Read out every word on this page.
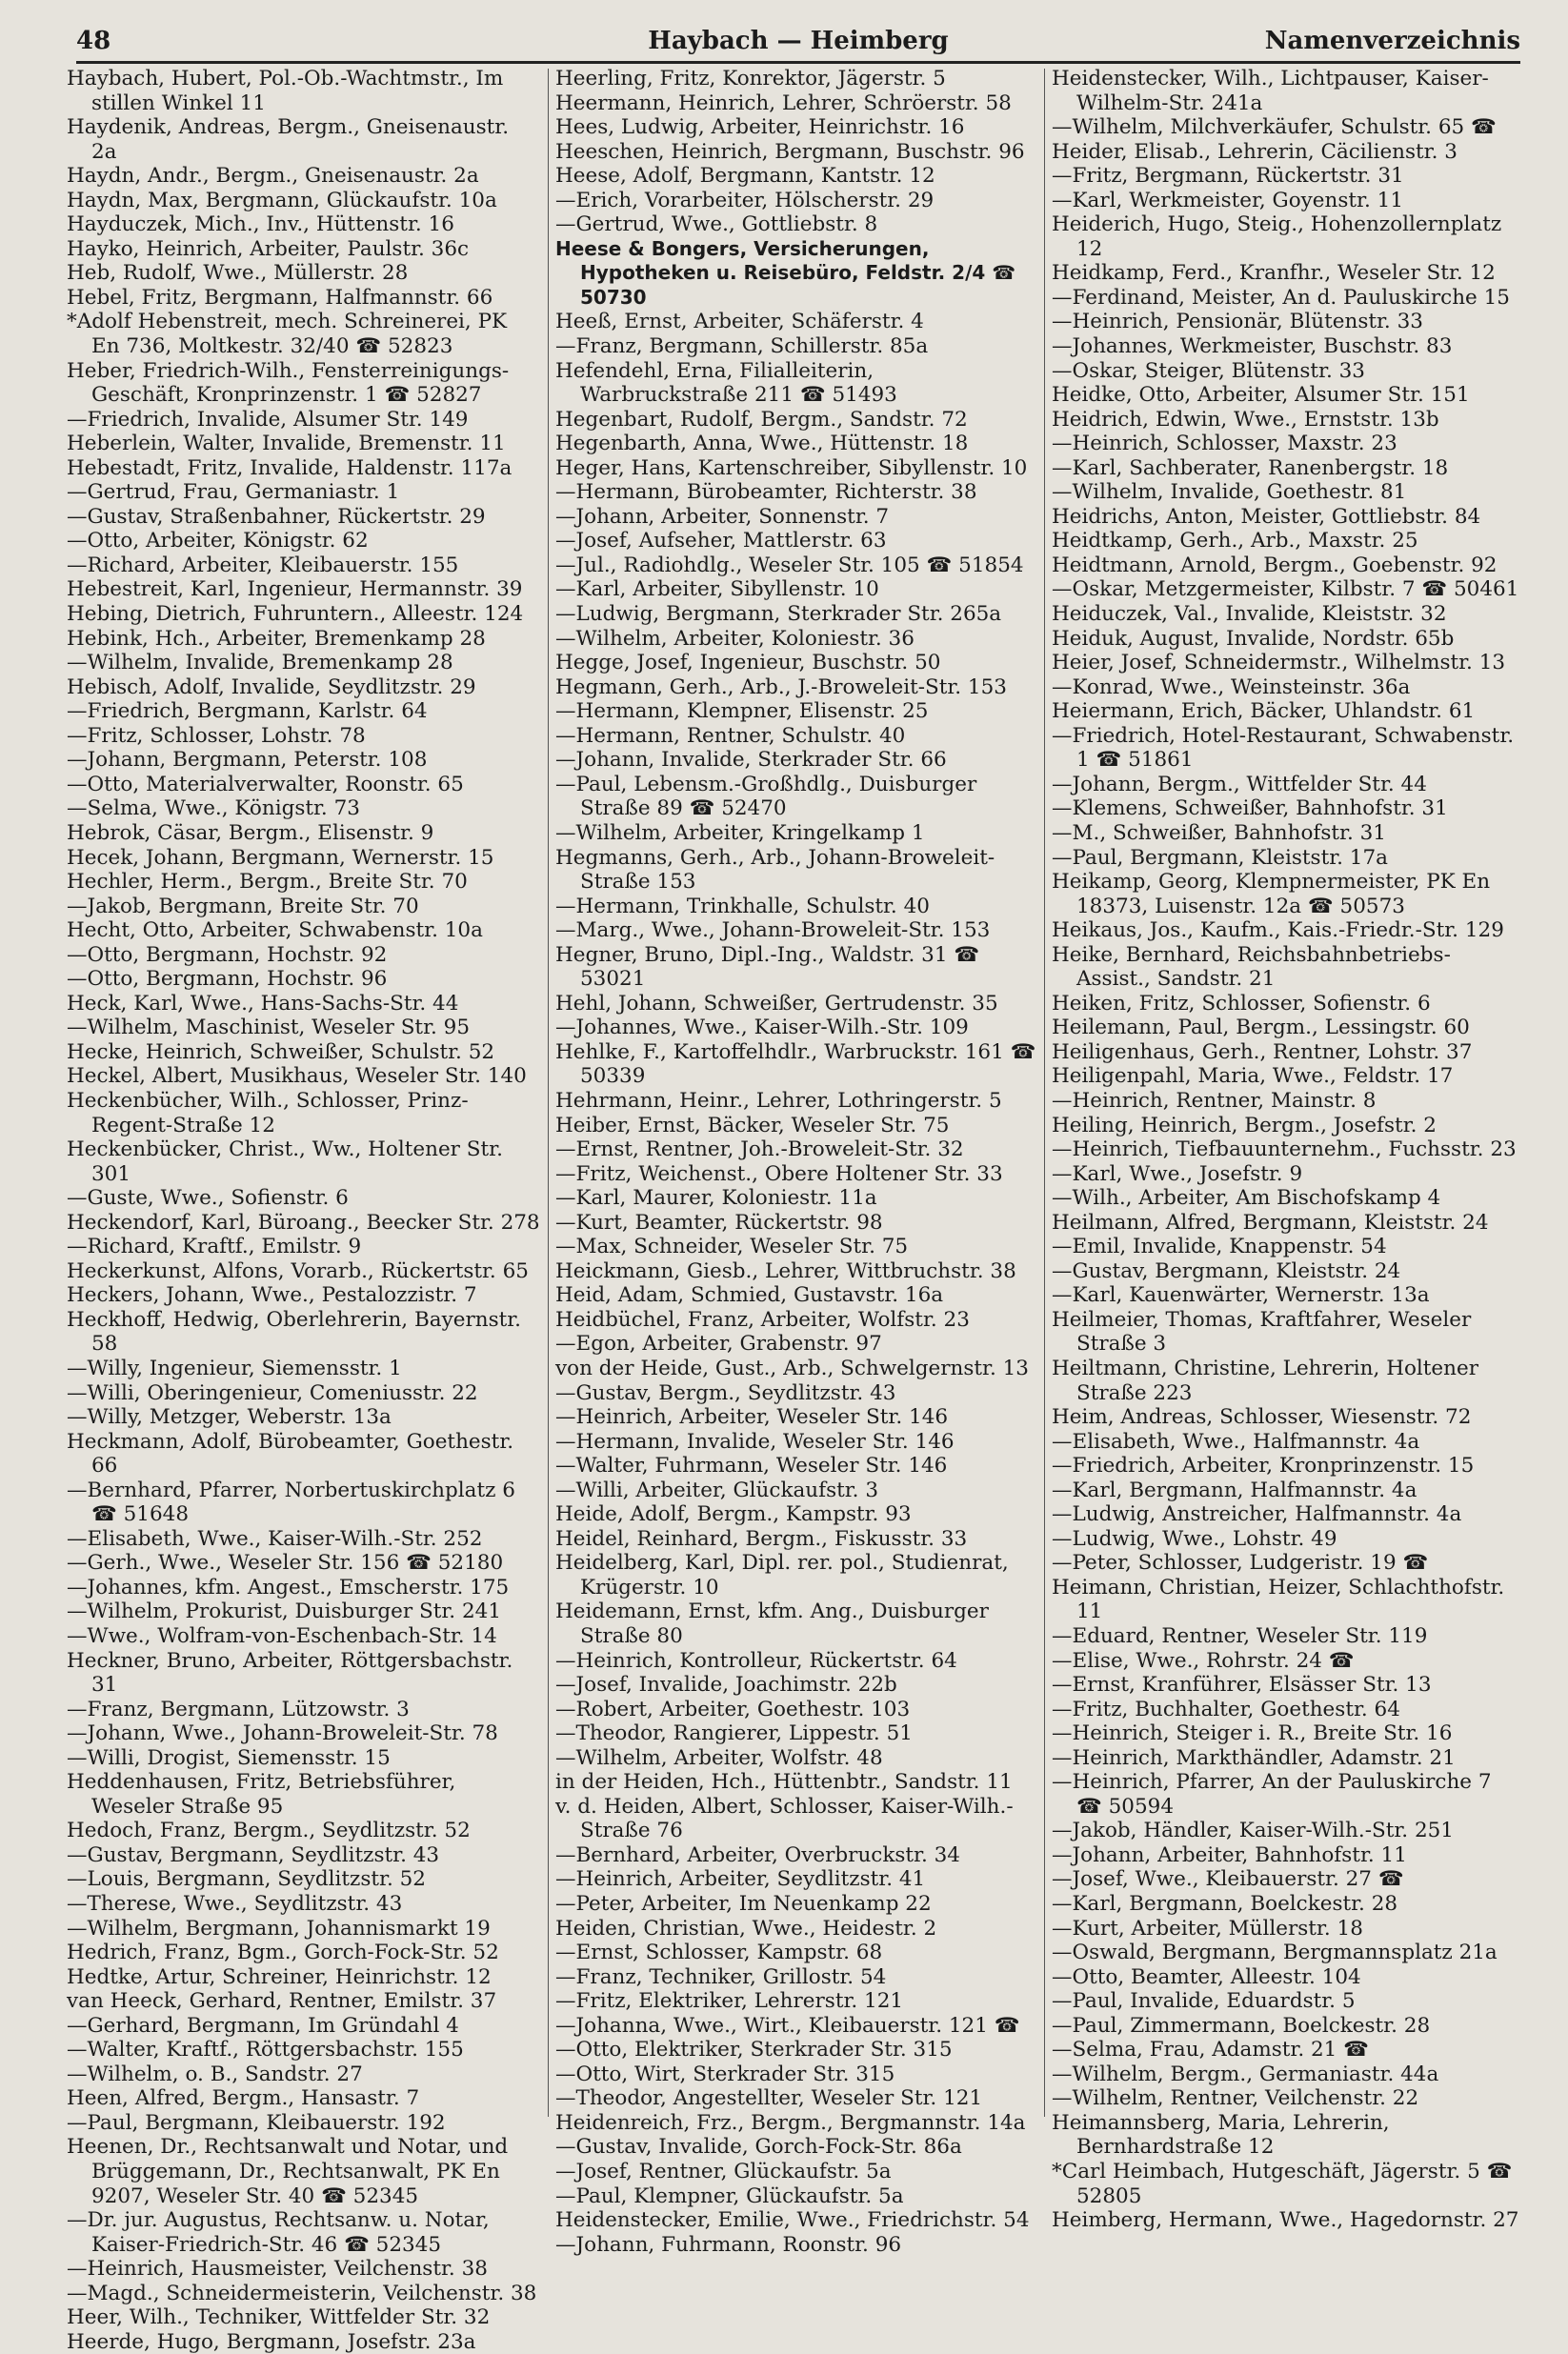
48	Haybach — Heimberg	Namenverzeichnis
Haybach, Hubert, Pol.-Ob.-Wachtmstr., Im stillen Winkel 11
Haydenik, Andreas, Bergm., Gneisenaustr. 2a
Haydn, Andr., Bergm., Gneisenaustr. 2a
Haydn, Max, Bergmann, Glückaufstr. 10a
Hayduczek, Mich., Inv., Hüttenstr. 16
Hayko, Heinrich, Arbeiter, Paulstr. 36c
Heb, Rudolf, Wwe., Müllerstr. 28
Hebel, Fritz, Bergmann, Halfmannstr. 66
*Adolf Hebenstreit, mech. Schreinerei, PK En 736, Moltkestr. 32/40 ☎ 52823
Heber, Friedrich-Wilh., Fensterreinigungs-Geschäft, Kronprinzenstr. 1 ☎ 52827
—Friedrich, Invalide, Alsumer Str. 149
Heberlein, Walter, Invalide, Bremenstr. 11
Hebestadt, Fritz, Invalide, Haldenstr. 117a
—Gertrud, Frau, Germaniastr. 1
—Gustav, Straßenbahner, Rückertstr. 29
—Otto, Arbeiter, Königstr. 62
—Richard, Arbeiter, Kleibauerstr. 155
Hebestreit, Karl, Ingenieur, Hermannstr. 39
Hebing, Dietrich, Fuhruntern., Alleestr. 124
Hebink, Hch., Arbeiter, Bremenkamp 28
—Wilhelm, Invalide, Bremenkamp 28
Hebisch, Adolf, Invalide, Seydlitzstr. 29
—Friedrich, Bergmann, Karlstr. 64
—Fritz, Schlosser, Lohstr. 78
—Johann, Bergmann, Peterstr. 108
—Otto, Materialverwalter, Roonstr. 65
—Selma, Wwe., Königstr. 73
Hebrok, Cäsar, Bergm., Elisenstr. 9
Hecek, Johann, Bergmann, Wernerstr. 15
Hechler, Herm., Bergm., Breite Str. 70
—Jakob, Bergmann, Breite Str. 70
Hecht, Otto, Arbeiter, Schwabenstr. 10a
—Otto, Bergmann, Hochstr. 92
—Otto, Bergmann, Hochstr. 96
Heck, Karl, Wwe., Hans-Sachs-Str. 44
—Wilhelm, Maschinist, Weseler Str. 95
Hecke, Heinrich, Schweißer, Schulstr. 52
Heckel, Albert, Musikhaus, Weseler Str. 140
Heckenbücher, Wilh., Schlosser, Prinz-Regent-Straße 12
Heckenbücker, Christ., Ww., Holtener Str. 301
—Guste, Wwe., Sofienstr. 6
Heckendorf, Karl, Büroang., Beecker Str. 278
—Richard, Kraftf., Emilstr. 9
Heckerkunst, Alfons, Vorarb., Rückertstr. 65
Heckers, Johann, Wwe., Pestalozzistr. 7
Heckhoff, Hedwig, Oberlehrerin, Bayernstr. 58
—Willy, Ingenieur, Siemensstr. 1
—Willi, Oberingenieur, Comeniusstr. 22
—Willy, Metzger, Weberstr. 13a
Heckmann, Adolf, Bürobeamter, Goethestr. 66
—Bernhard, Pfarrer, Norbertuskirchplatz 6 ☎ 51648
—Elisabeth, Wwe., Kaiser-Wilh.-Str. 252
—Gerh., Wwe., Weseler Str. 156 ☎ 52180
—Johannes, kfm. Angest., Emscherstr. 175
—Wilhelm, Prokurist, Duisburger Str. 241
—Wwe., Wolfram-von-Eschenbach-Str. 14
Heckner, Bruno, Arbeiter, Röttgersbachstr. 31
—Franz, Bergmann, Lützowstr. 3
—Johann, Wwe., Johann-Broweleit-Str. 78
—Willi, Drogist, Siemensstr. 15
Heddenhausen, Fritz, Betriebsführer, Weseler Straße 95
Hedoch, Franz, Bergm., Seydlitzstr. 52
—Gustav, Bergmann, Seydlitzstr. 43
—Louis, Bergmann, Seydlitzstr. 52
—Therese, Wwe., Seydlitzstr. 43
—Wilhelm, Bergmann, Johannismarkt 19
Hedrich, Franz, Bgm., Gorch-Fock-Str. 52
Hedtke, Artur, Schreiner, Heinrichstr. 12
van Heeck, Gerhard, Rentner, Emilstr. 37
—Gerhard, Bergmann, Im Gründahl 4
—Walter, Kraftf., Röttgersbachstr. 155
—Wilhelm, o. B., Sandstr. 27
Heen, Alfred, Bergm., Hansastr. 7
—Paul, Bergmann, Kleibauerstr. 192
Heenen, Dr., Rechtsanwalt und Notar, und Brüggemann, Dr., Rechtsanwalt, PK En 9207, Weseler Str. 40 ☎ 52345
—Dr. jur. Augustus, Rechtsanw. u. Notar, Kaiser-Friedrich-Str. 46 ☎ 52345
—Heinrich, Hausmeister, Veilchenstr. 38
—Magd., Schneidermeisterin, Veilchenstr. 38
Heer, Wilh., Techniker, Wittfelder Str. 32
Heerde, Hugo, Bergmann, Josefstr. 23a
Heerling, Fritz, Konrektor, Jägerstr. 5
Heermann, Heinrich, Lehrer, Schröerstr. 58
Hees, Ludwig, Arbeiter, Heinrichstr. 16
Heeschen, Heinrich, Bergmann, Buschstr. 96
Heese, Adolf, Bergmann, Kantstr. 12
—Erich, Vorarbeiter, Hölscherstr. 29
—Gertrud, Wwe., Gottliebstr. 8
Heese & Bongers, Versicherungen, Hypotheken u. Reisebüro, Feldstr. 2/4 ☎ 50730
Heeß, Ernst, Arbeiter, Schäferstr. 4
—Franz, Bergmann, Schillerstr. 85a
Hefendehl, Erna, Filialleiterin, Warbruckstraße 211 ☎ 51493
Hegenbart, Rudolf, Bergm., Sandstr. 72
Hegenbarth, Anna, Wwe., Hüttenstr. 18
Heger, Hans, Kartenschreiber, Sibyllenstr. 10
—Hermann, Bürobeamter, Richterstr. 38
—Johann, Arbeiter, Sonnenstr. 7
—Josef, Aufseher, Mattlerstr. 63
—Jul., Radiohdlg., Weseler Str. 105 ☎ 51854
—Karl, Arbeiter, Sibyllenstr. 10
—Ludwig, Bergmann, Sterkrader Str. 265a
—Wilhelm, Arbeiter, Koloniestr. 36
Hegge, Josef, Ingenieur, Buschstr. 50
Hegmann, Gerh., Arb., J.-Broweleit-Str. 153
—Hermann, Klempner, Elisenstr. 25
—Hermann, Rentner, Schulstr. 40
—Johann, Invalide, Sterkrader Str. 66
—Paul, Lebensm.-Großhdlg., Duisburger Straße 89 ☎ 52470
—Wilhelm, Arbeiter, Kringelkamp 1
Hegmanns, Gerh., Arb., Johann-Broweleit-Straße 153
—Hermann, Trinkhalle, Schulstr. 40
—Marg., Wwe., Johann-Broweleit-Str. 153
Hegner, Bruno, Dipl.-Ing., Waldstr. 31 ☎ 53021
Hehl, Johann, Schweißer, Gertrudenstr. 35
—Johannes, Wwe., Kaiser-Wilh.-Str. 109
Hehlke, F., Kartoffelhdlr., Warbruckstr. 161 ☎ 50339
Hehrmann, Heinr., Lehrer, Lothringerstr. 5
Heiber, Ernst, Bäcker, Weseler Str. 75
—Ernst, Rentner, Joh.-Broweleit-Str. 32
—Fritz, Weichenst., Obere Holtener Str. 33
—Karl, Maurer, Koloniestr. 11a
—Kurt, Beamter, Rückertstr. 98
—Max, Schneider, Weseler Str. 75
Heickmann, Giesb., Lehrer, Wittbruchstr. 38
Heid, Adam, Schmied, Gustavstr. 16a
Heidbüchel, Franz, Arbeiter, Wolfstr. 23
—Egon, Arbeiter, Grabenstr. 97
von der Heide, Gust., Arb., Schwelgernstr. 13
—Gustav, Bergm., Seydlitzstr. 43
—Heinrich, Arbeiter, Weseler Str. 146
—Hermann, Invalide, Weseler Str. 146
—Walter, Fuhrmann, Weseler Str. 146
—Willi, Arbeiter, Glückaufstr. 3
Heide, Adolf, Bergm., Kampstr. 93
Heidel, Reinhard, Bergm., Fiskusstr. 33
Heidelberg, Karl, Dipl. rer. pol., Studienrat, Krügerstr. 10
Heidemann, Ernst, kfm. Ang., Duisburger Straße 80
—Heinrich, Kontrolleur, Rückertstr. 64
—Josef, Invalide, Joachimstr. 22b
—Robert, Arbeiter, Goethestr. 103
—Theodor, Rangierer, Lippestr. 51
—Wilhelm, Arbeiter, Wolfstr. 48
in der Heiden, Hch., Hüttenbtr., Sandstr. 11
v. d. Heiden, Albert, Schlosser, Kaiser-Wilh.-Straße 76
—Bernhard, Arbeiter, Overbruckstr. 34
—Heinrich, Arbeiter, Seydlitzstr. 41
—Peter, Arbeiter, Im Neuenkamp 22
Heiden, Christian, Wwe., Heidestr. 2
—Ernst, Schlosser, Kampstr. 68
—Franz, Techniker, Grillostr. 54
—Fritz, Elektriker, Lehrerstr. 121
—Johanna, Wwe., Wirt., Kleibauerstr. 121 ☎
—Otto, Elektriker, Sterkrader Str. 315
—Otto, Wirt, Sterkrader Str. 315
—Theodor, Angestellter, Weseler Str. 121
Heidenreich, Frz., Bergm., Bergmannstr. 14a
—Gustav, Invalide, Gorch-Fock-Str. 86a
—Josef, Rentner, Glückaufstr. 5a
—Paul, Klempner, Glückaufstr. 5a
Heidenstecker, Emilie, Wwe., Friedrichstr. 54
—Johann, Fuhrmann, Roonstr. 96
Heidenstecker, Wilh., Lichtpauser, Kaiser-Wilhelm-Str. 241a
—Wilhelm, Milchverkäufer, Schulstr. 65 ☎
Heider, Elisab., Lehrerin, Cäcilienstr. 3
—Fritz, Bergmann, Rückertstr. 31
—Karl, Werkmeister, Goyenstr. 11
Heiderich, Hugo, Steig., Hohenzollernplatz 12
Heidkamp, Ferd., Kranfhr., Weseler Str. 12
—Ferdinand, Meister, An d. Pauluskirche 15
—Heinrich, Pensionär, Blütenstr. 33
—Johannes, Werkmeister, Buschstr. 83
—Oskar, Steiger, Blütenstr. 33
Heidke, Otto, Arbeiter, Alsumer Str. 151
Heidrich, Edwin, Wwe., Ernststr. 13b
—Heinrich, Schlosser, Maxstr. 23
—Karl, Sachberater, Ranenbergstr. 18
—Wilhelm, Invalide, Goethestr. 81
Heidrichs, Anton, Meister, Gottliebstr. 84
Heidtkamp, Gerh., Arb., Maxstr. 25
Heidtmann, Arnold, Bergm., Goebenstr. 92
—Oskar, Metzgermeister, Kilbstr. 7 ☎ 50461
Heiduczek, Val., Invalide, Kleiststr. 32
Heiduk, August, Invalide, Nordstr. 65b
Heier, Josef, Schneidermstr., Wilhelmstr. 13
—Konrad, Wwe., Weinsteinstr. 36a
Heiermann, Erich, Bäcker, Uhlandstr. 61
—Friedrich, Hotel-Restaurant, Schwabenstr. 1 ☎ 51861
—Johann, Bergm., Wittfelder Str. 44
—Klemens, Schweißer, Bahnhofstr. 31
—M., Schweißer, Bahnhofstr. 31
—Paul, Bergmann, Kleiststr. 17a
Heikamp, Georg, Klempnermeister, PK En 18373, Luisenstr. 12a ☎ 50573
Heikaus, Jos., Kaufm., Kais.-Friedr.-Str. 129
Heike, Bernhard, Reichsbahnbetriebs-Assist., Sandstr. 21
Heiken, Fritz, Schlosser, Sofienstr. 6
Heilemann, Paul, Bergm., Lessingstr. 60
Heiligenhaus, Gerh., Rentner, Lohstr. 37
Heiligenpahl, Maria, Wwe., Feldstr. 17
—Heinrich, Rentner, Mainstr. 8
Heiling, Heinrich, Bergm., Josefstr. 2
—Heinrich, Tiefbauunternehm., Fuchsstr. 23
—Karl, Wwe., Josefstr. 9
—Wilh., Arbeiter, Am Bischofskamp 4
Heilmann, Alfred, Bergmann, Kleiststr. 24
—Emil, Invalide, Knappenstr. 54
—Gustav, Bergmann, Kleiststr. 24
—Karl, Kauenwärter, Wernerstr. 13a
Heilmeier, Thomas, Kraftfahrer, Weseler Straße 3
Heiltmann, Christine, Lehrerin, Holtener Straße 223
Heim, Andreas, Schlosser, Wiesenstr. 72
—Elisabeth, Wwe., Halfmannstr. 4a
—Friedrich, Arbeiter, Kronprinzenstr. 15
—Karl, Bergmann, Halfmannstr. 4a
—Ludwig, Anstreicher, Halfmannstr. 4a
—Ludwig, Wwe., Lohstr. 49
—Peter, Schlosser, Ludgeristr. 19 ☎
Heimann, Christian, Heizer, Schlachthofstr. 11
—Eduard, Rentner, Weseler Str. 119
—Elise, Wwe., Rohrstr. 24 ☎
—Ernst, Kranführer, Elsässer Str. 13
—Fritz, Buchhalter, Goethestr. 64
—Heinrich, Steiger i. R., Breite Str. 16
—Heinrich, Markthändler, Adamstr. 21
—Heinrich, Pfarrer, An der Pauluskirche 7 ☎ 50594
—Jakob, Händler, Kaiser-Wilh.-Str. 251
—Johann, Arbeiter, Bahnhofstr. 11
—Josef, Wwe., Kleibauerstr. 27 ☎
—Karl, Bergmann, Boelckestr. 28
—Kurt, Arbeiter, Müllerstr. 18
—Oswald, Bergmann, Bergmannsplatz 21a
—Otto, Beamter, Alleestr. 104
—Paul, Invalide, Eduardstr. 5
—Paul, Zimmermann, Boelckestr. 28
—Selma, Frau, Adamstr. 21 ☎
—Wilhelm, Bergm., Germaniastr. 44a
—Wilhelm, Rentner, Veilchenstr. 22
Heimannsberg, Maria, Lehrerin, Bernhardstraße 12
*Carl Heimbach, Hutgeschäft, Jägerstr. 5 ☎ 52805
Heimberg, Hermann, Wwe., Hagedornstr. 27
